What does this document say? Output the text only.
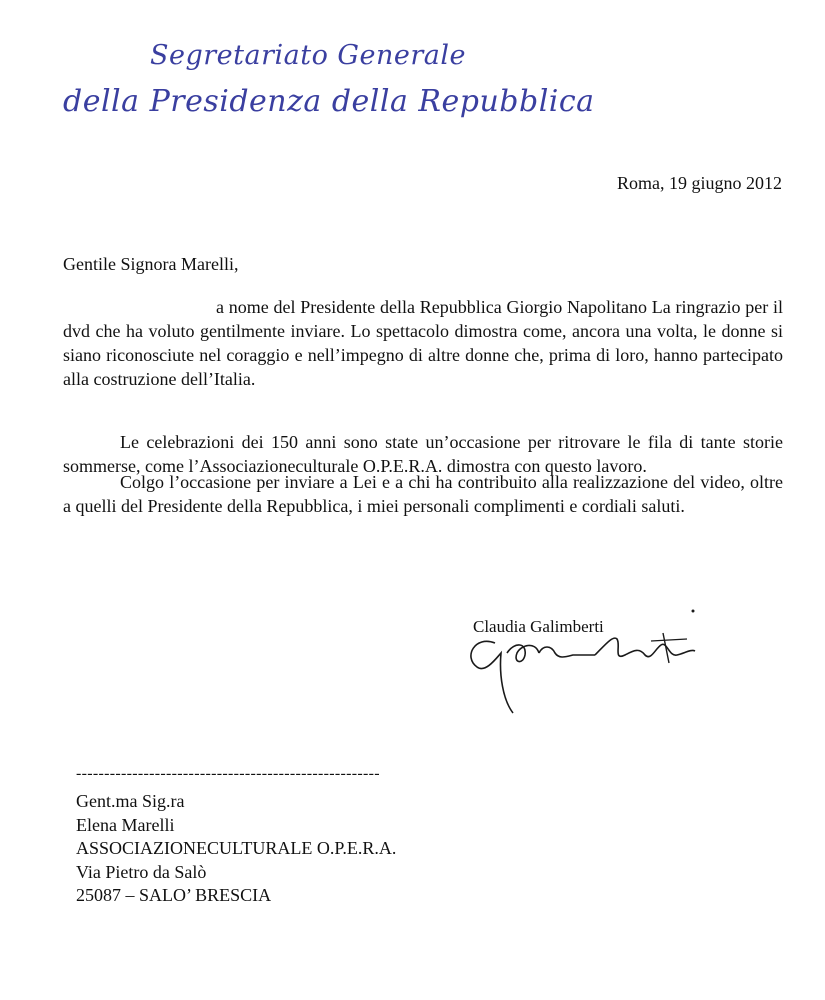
Segretariato Generale
della Presidenza della Repubblica
Roma, 19 giugno 2012
Gentile Signora Marelli,
a nome del Presidente della Repubblica Giorgio Napolitano La ringrazio per il dvd che ha voluto gentilmente inviare. Lo spettacolo dimostra come, ancora una volta, le donne si siano riconosciute nel coraggio e nell’impegno di altre donne che, prima di loro, hanno partecipato alla costruzione dell’Italia.
Le celebrazioni dei 150 anni sono state un’occasione per ritrovare le fila di tante storie sommerse, come l’Associazioneculturale O.P.E.R.A. dimostra con questo lavoro.
Colgo l’occasione per inviare a Lei e a chi ha contribuito alla realizzazione del video, oltre a quelli del Presidente della Repubblica, i miei personali complimenti e cordiali saluti.
Claudia Galimberti
------------------------------------------------------
Gent.ma Sig.ra
Elena Marelli
ASSOCIAZIONECULTURALE O.P.E.R.A.
Via Pietro da Salò
25087 – SALO’ BRESCIA
